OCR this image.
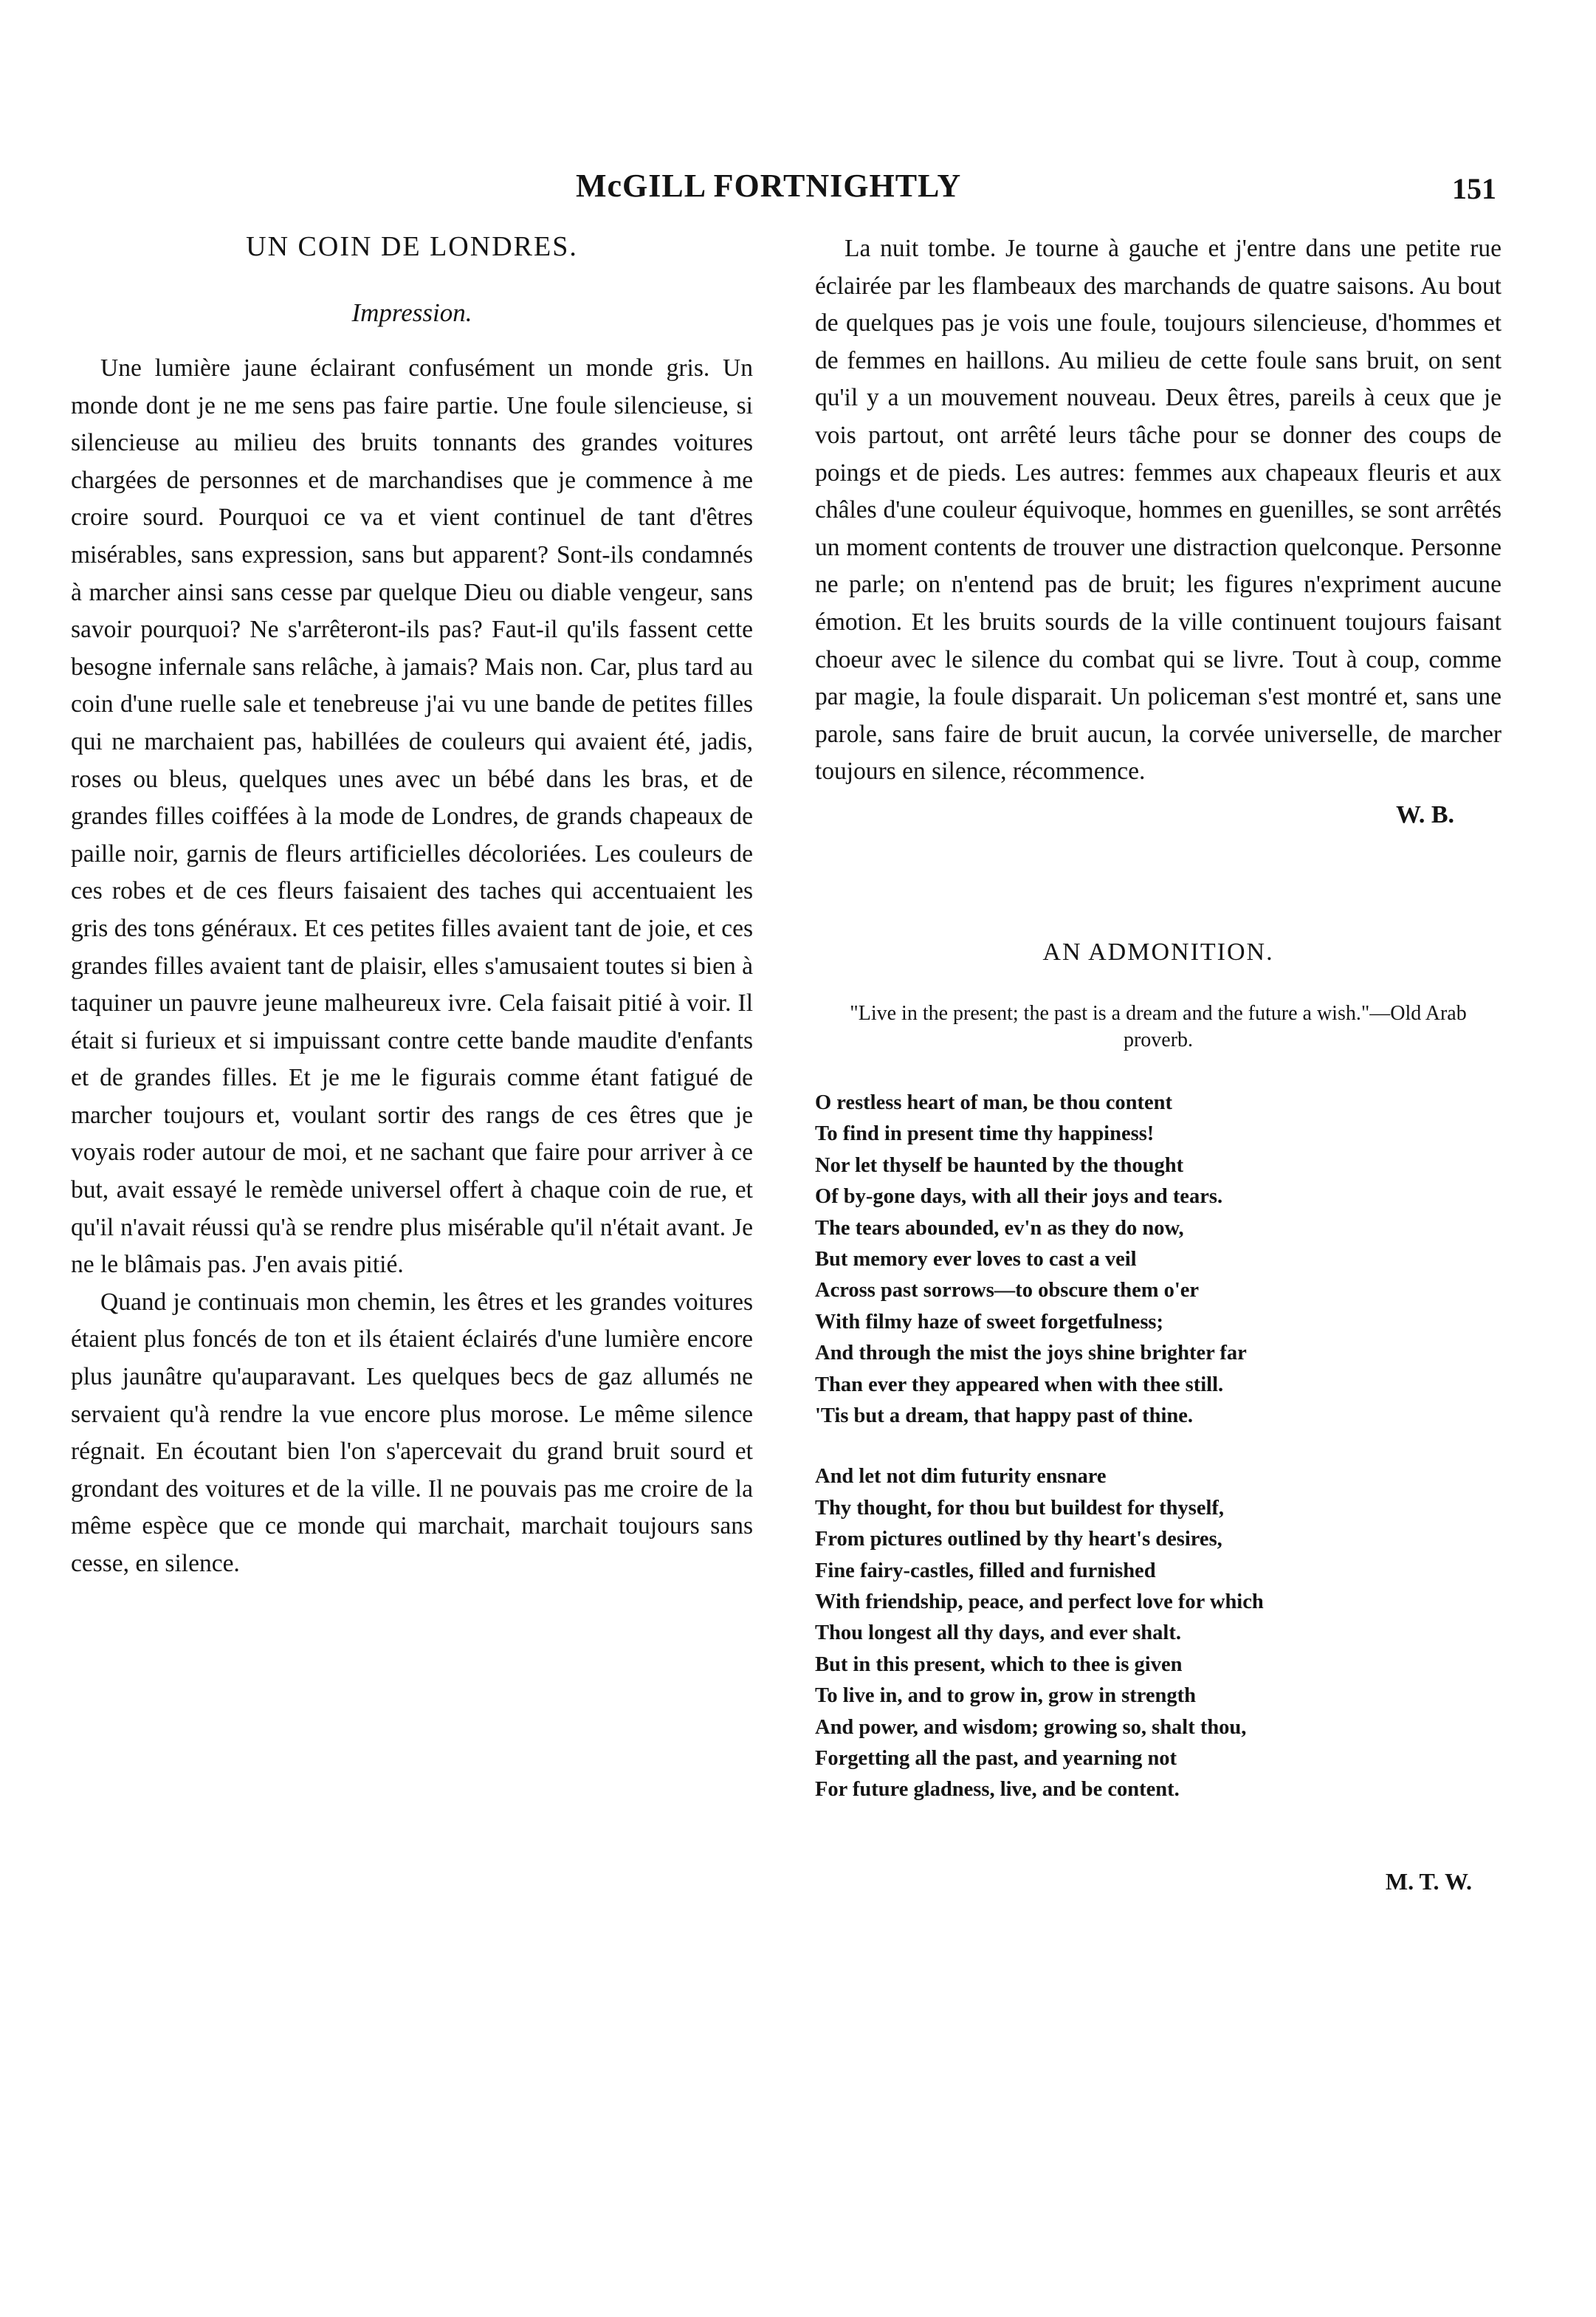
McGILL FORTNIGHTLY	151
UN COIN DE LONDRES.
Impression.

Une lumière jaune éclairant confusément un monde gris. Un monde dont je ne me sens pas faire partie. Une foule silencieuse, si silencieuse au milieu des bruits tonnants des grandes voitures chargées de personnes et de marchandises que je commence à me croire sourd. Pourquoi ce va et vient continuel de tant d'êtres misérables, sans expression, sans but apparent? Sont-ils condamnés à marcher ainsi sans cesse par quelque Dieu ou diable vengeur, sans savoir pourquoi? Ne s'arrêteront-ils pas? Faut-il qu'ils fassent cette besogne infernale sans relâche, à jamais? Mais non. Car, plus tard au coin d'une ruelle sale et tenebreuse j'ai vu une bande de petites filles qui ne marchaient pas, habillées de couleurs qui avaient été, jadis, roses ou bleus, quelques unes avec un bébé dans les bras, et de grandes filles coiffées à la mode de Londres, de grands chapeaux de paille noir, garnis de fleurs artificielles décoloriées. Les couleurs de ces robes et de ces fleurs faisaient des taches qui accentuaient les gris des tons généraux. Et ces petites filles avaient tant de joie, et ces grandes filles avaient tant de plaisir, elles s'amusaient toutes si bien à taquiner un pauvre jeune malheureux ivre. Cela faisait pitié à voir. Il était si furieux et si impuissant contre cette bande maudite d'enfants et de grandes filles. Et je me le figurais comme étant fatigué de marcher toujours et, voulant sortir des rangs de ces êtres que je voyais roder autour de moi, et ne sachant que faire pour arriver à ce but, avait essayé le remède universel offert à chaque coin de rue, et qu'il n'avait réussi qu'à se rendre plus misérable qu'il n'était avant. Je ne le blâmais pas. J'en avais pitié.

Quand je continuais mon chemin, les êtres et les grandes voitures étaient plus foncés de ton et ils étaient éclairés d'une lumière encore plus jaunâtre qu'auparavant. Les quelques becs de gaz allumés ne servaient qu'à rendre la vue encore plus morose. Le même silence régnait. En écoutant bien l'on s'apercevait du grand bruit sourd et grondant des voitures et de la ville. Il ne pouvais pas me croire de la même espèce que ce monde qui marchait, marchait toujours sans cesse, en silence.

La nuit tombe. Je tourne à gauche et j'entre dans une petite rue éclairée par les flambeaux des marchands de quatre saisons. Au bout de quelques pas je vois une foule, toujours silencieuse, d'hommes et de femmes en haillons. Au milieu de cette foule sans bruit, on sent qu'il y a un mouvement nouveau. Deux êtres, pareils à ceux que je vois partout, ont arrêté leurs tâche pour se donner des coups de poings et de pieds. Les autres: femmes aux chapeaux fleuris et aux châles d'une couleur équivoque, hommes en guenilles, se sont arrêtés un moment contents de trouver une distraction quelconque. Personne ne parle; on n'entend pas de bruit; les figures n'expriment aucune émotion. Et les bruits sourds de la ville continuent toujours faisant choeur avec le silence du combat qui se livre. Tout à coup, comme par magie, la foule disparait. Un policeman s'est montré et, sans une parole, sans faire de bruit aucun, la corvée universelle, de marcher toujours en silence, récommence.

W. B.
AN ADMONITION.
"Live in the present; the past is a dream and the future a wish."—Old Arab proverb.
O restless heart of man, be thou content
To find in present time thy happiness!
Nor let thyself be haunted by the thought
Of by-gone days, with all their joys and tears.
The tears abounded, ev'n as they do now,
But memory ever loves to cast a veil
Across past sorrows—to obscure them o'er
With filmy haze of sweet forgetfulness;
And through the mist the joys shine brighter far
Than ever they appeared when with thee still.
'Tis but a dream, that happy past of thine.
And let not dim futurity ensnare
Thy thought, for thou but buildest for thyself,
From pictures outlined by thy heart's desires,
Fine fairy-castles, filled and furnished
With friendship, peace, and perfect love for which
Thou longest all thy days, and ever shalt.
But in this present, which to thee is given
To live in, and to grow in, grow in strength
And power, and wisdom; growing so, shalt thou,
Forgetting all the past, and yearning not
For future gladness, live, and be content.
M. T. W.
